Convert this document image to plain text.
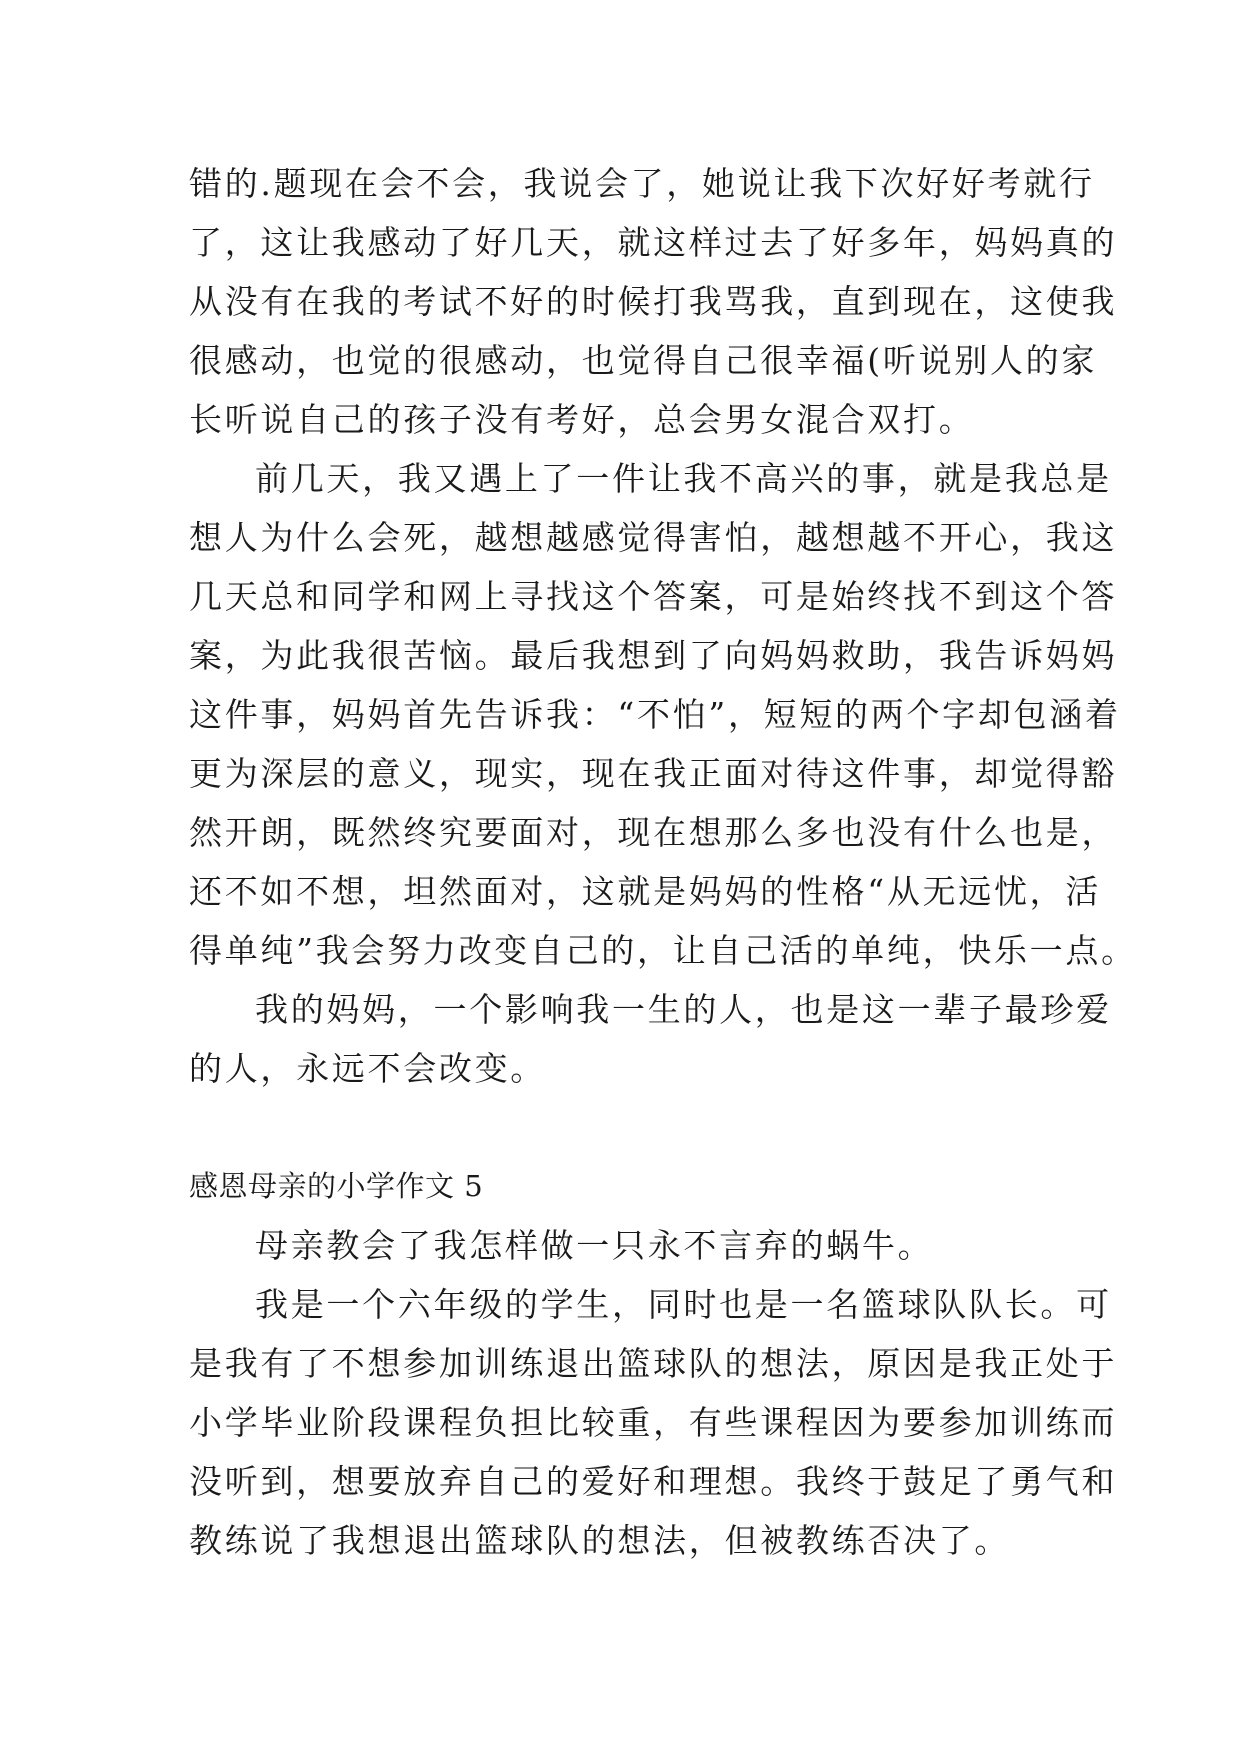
错的.题现在会不会，我说会了，她说让我下次好好考就行
了，这让我感动了好几天，就这样过去了好多年，妈妈真的
从没有在我的考试不好的时候打我骂我，直到现在，这使我
很感动，也觉的很感动，也觉得自己很幸福(听说别人的家
长听说自己的孩子没有考好，总会男女混合双打。
前几天，我又遇上了一件让我不高兴的事，就是我总是
想人为什么会死，越想越感觉得害怕，越想越不开心，我这
几天总和同学和网上寻找这个答案，可是始终找不到这个答
案，为此我很苦恼。最后我想到了向妈妈救助，我告诉妈妈
这件事，妈妈首先告诉我：“不怕”，短短的两个字却包涵着
更为深层的意义，现实，现在我正面对待这件事，却觉得豁
然开朗，既然终究要面对，现在想那么多也没有什么也是，
还不如不想，坦然面对，这就是妈妈的性格“从无远忧，活
得单纯”我会努力改变自己的，让自己活的单纯，快乐一点。
我的妈妈，一个影响我一生的人，也是这一辈子最珍爱
的人，永远不会改变。
感恩母亲的小学作文 5
母亲教会了我怎样做一只永不言弃的蜗牛。
我是一个六年级的学生，同时也是一名篮球队队长。可
是我有了不想参加训练退出篮球队的想法，原因是我正处于
小学毕业阶段课程负担比较重，有些课程因为要参加训练而
没听到，想要放弃自己的爱好和理想。我终于鼓足了勇气和
教练说了我想退出篮球队的想法，但被教练否决了。
